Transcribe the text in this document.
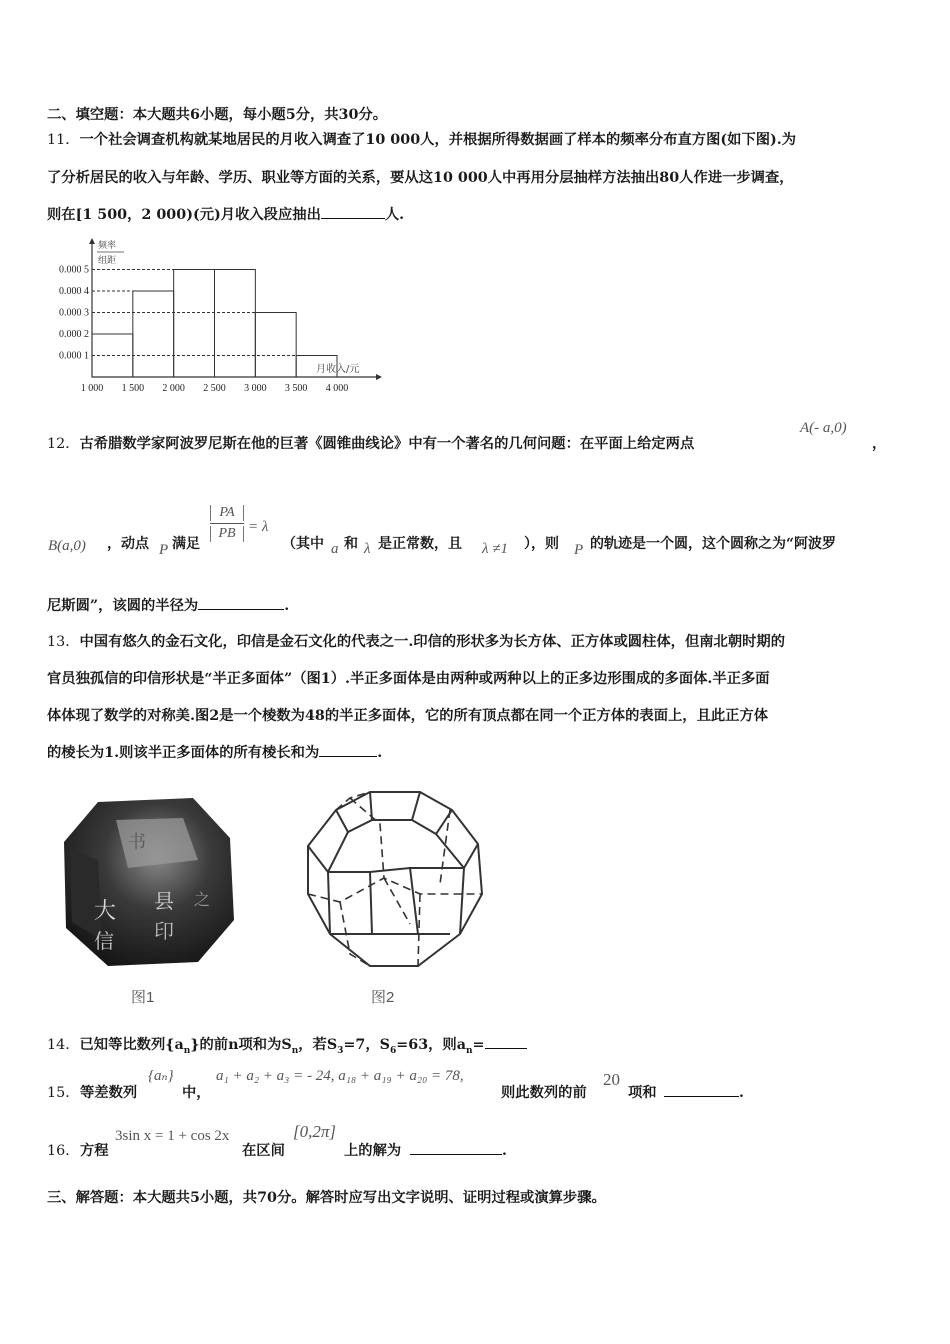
二、填空题：本大题共6小题，每小题5分，共30分。
11．一个社会调查机构就某地居民的月收入调查了10 000人，并根据所得数据画了样本的频率分布直方图(如下图).为
了分析居民的收入与年龄、学历、职业等方面的关系，要从这10 000人中再用分层抽样方法抽出80人作进一步调查，
则在[1 500，2 000)(元)月收入段应抽出	人.
0.000 1
0.000 2
0.000 3
0.000 4
0.000 5
1 000 1 500 2 000 2 500 3 000 3 500 4 000
频率
组距
月收入/元
12．古希腊数学家阿波罗尼斯在他的巨著《圆锥曲线论》中有一个著名的几何问题：在平面上给定两点
A(- a,0)
，
B(a,0) ，动点 P 满足
PA
PB = λ
（其中 a 和 λ 是正常数，且 λ ≠1 ），则 P 的轨迹是一个圆，这个圆称之为“阿波罗
尼斯圆”，该圆的半径为	.
13．中国有悠久的金石文化，印信是金石文化的代表之一.印信的形状多为长方体、正方体或圆柱体，但南北朝时期的
官员独孤信的印信形状是“半正多面体”（图1）.半正多面体是由两种或两种以上的正多边形围成的多面体.半正多面
体体现了数学的对称美.图2是一个棱数为48的半正多面体，它的所有顶点都在同一个正方体的表面上，且此正方体
的棱长为1.则该半正多面体的所有棱长和为	.
大
信
县
印
书
之
图1	图2
14．已知等比数列$\{a_n\}$的前n项和为$S_n$，若$S_3=7$，$S_6=63$，则$a_n=$
15． 等差数列
{aₙ}
中，
a₁ + a₂ + a₃ = - 24, a₁₈ + a₁₉ + a₂₀ = 78,
则此数列的前
20
项和	.
16． 方程
3sin x = 1 + cos 2x
在区间
[0,2π]
上的解为	.
三、解答题：本大题共5小题，共70分。解答时应写出文字说明、证明过程或演算步骤。
